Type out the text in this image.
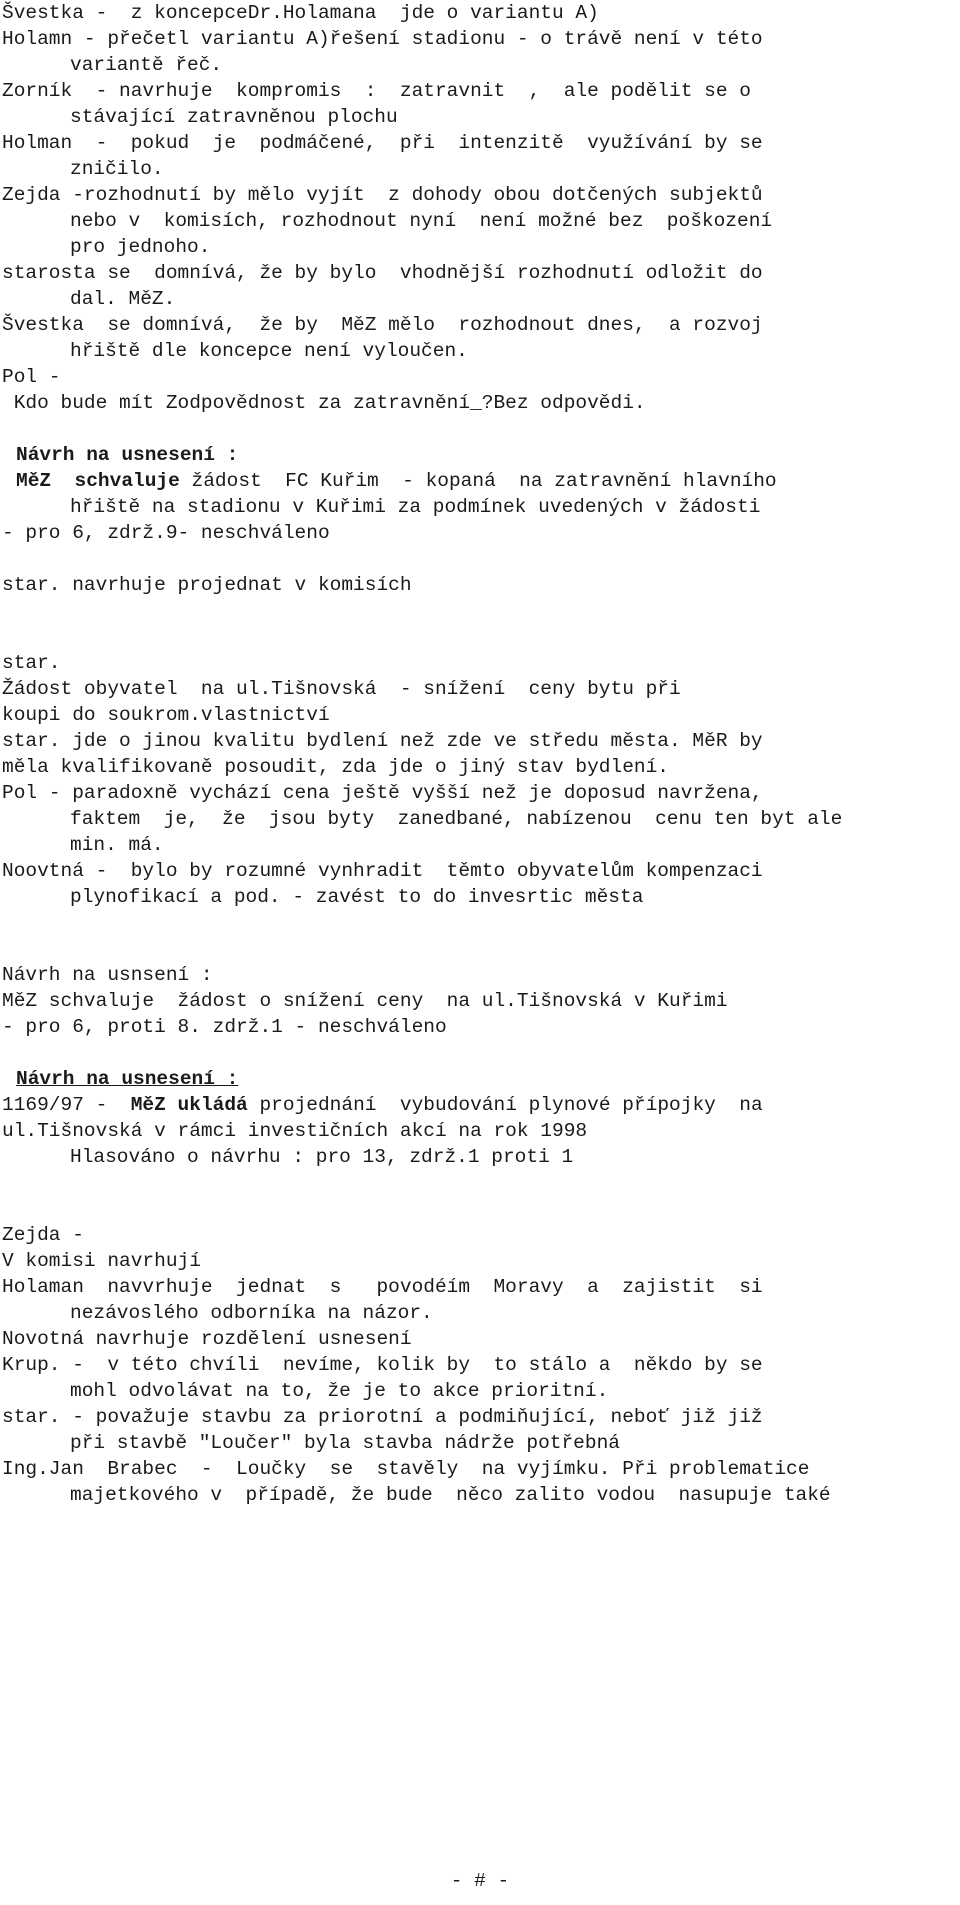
Švestka -  z koncepceDr.Holamana  jde o variantu A)
Holamn - přečetl variantu A)řešení stadionu - o trávě není v této
variantě řeč.
Zorník  - navrhuje  kompromis  :  zatravnit  ,  ale podělit se o
stávající zatravněnou plochu
Holman  -  pokud  je  podmáčené,  při  intenzitě  využívání by se
zničilo.
Zejda -rozhodnutí by mělo vyjít  z dohody obou dotčených subjektů
nebo v  komisích, rozhodnout nyní  není možné bez  poškození
pro jednoho.
starosta se  domnívá, že by bylo  vhodnější rozhodnutí odložit do
dal. MěZ.
Švestka  se domnívá,  že by  MěZ mělo  rozhodnout dnes,  a rozvoj
hřiště dle koncepce není vyloučen.
Pol -
Kdo bude mít Zodpovědnost za zatravnění_?Bez odpovědi.
Návrh na usnesení :
MěZ  schvaluje žádost  FC Kuřim  - kopaná  na zatravnění hlavního
hřiště na stadionu v Kuřimi za podmínek uvedených v žádosti
- pro 6, zdrž.9- neschváleno
star. navrhuje projednat v komisích
star.
Žádost obyvatel  na ul.Tišnovská  - snížení  ceny bytu při
koupi do soukrom.vlastnictví
star. jde o jinou kvalitu bydlení než zde ve středu města. MěR by
měla kvalifikovaně posoudit, zda jde o jiný stav bydlení.
Pol - paradoxně vychází cena ještě vyšší než je doposud navržena,
faktem  je,  že  jsou byty  zanedbané, nabízenou  cenu ten byt ale
min. má.
Noovtná -  bylo by rozumné vynhradit  těmto obyvatelům kompenzaci
plynofikací a pod. - zavést to do invesrtic města
Návrh na usnsení :
MěZ schvaluje  žádost o snížení ceny  na ul.Tišnovská v Kuřimi
- pro 6, proti 8. zdrž.1 - neschváleno
Návrh na usnesení :
1169/97 -  MěZ ukládá projednání  vybudování plynové přípojky  na
ul.Tišnovská v rámci investičních akcí na rok 1998
Hlasováno o návrhu : pro 13, zdrž.1 proti 1
Zejda -
V komisi navrhují
Holaman  navvrhuje  jednat  s   povodéím  Moravy  a  zajistit  si
nezávoslého odborníka na názor.
Novotná navrhuje rozdělení usnesení
Krup. -  v této chvíli  nevíme, kolik by  to stálo a  někdo by se
mohl odvolávat na to, že je to akce prioritní.
star. - považuje stavbu za priorotní a podmiňující, neboť již již
při stavbě "Loučer" byla stavba nádrže potřebná
Ing.Jan  Brabec  -  Loučky  se  stavěly  na vyjímku. Při problematice
majetkového v  případě, že bude  něco zalito vodou  nasupuje také
- # -
